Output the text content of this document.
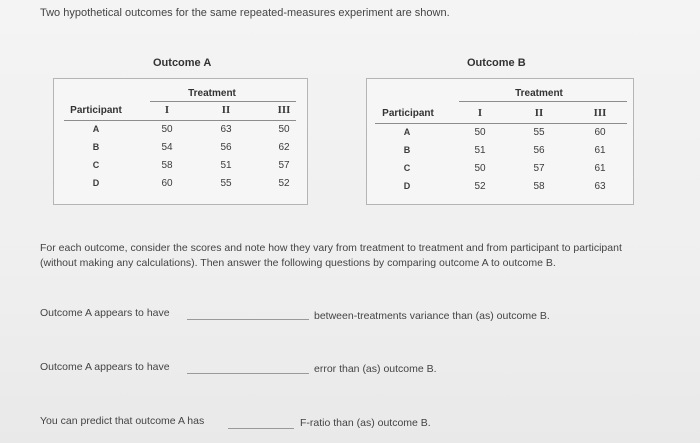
Two hypothetical outcomes for the same repeated-measures experiment are shown.
Outcome A	Outcome B
Treatment
Participant	I	II	III
A	50	63	50
B	54	56	62
C	58	51	57
D	60	55	52
Treatment
Participant	I	II	III
A	50	55	60
B	51	56	61
C	50	57	61
D	52	58	63
For each outcome, consider the scores and note how they vary from treatment to treatment and from participant to participant (without making any calculations). Then answer the following questions by comparing outcome A to outcome B.
Outcome A appears to have	between-treatments variance than (as) outcome B.
Outcome A appears to have	error than (as) outcome B.
You can predict that outcome A has	F-ratio than (as) outcome B.
